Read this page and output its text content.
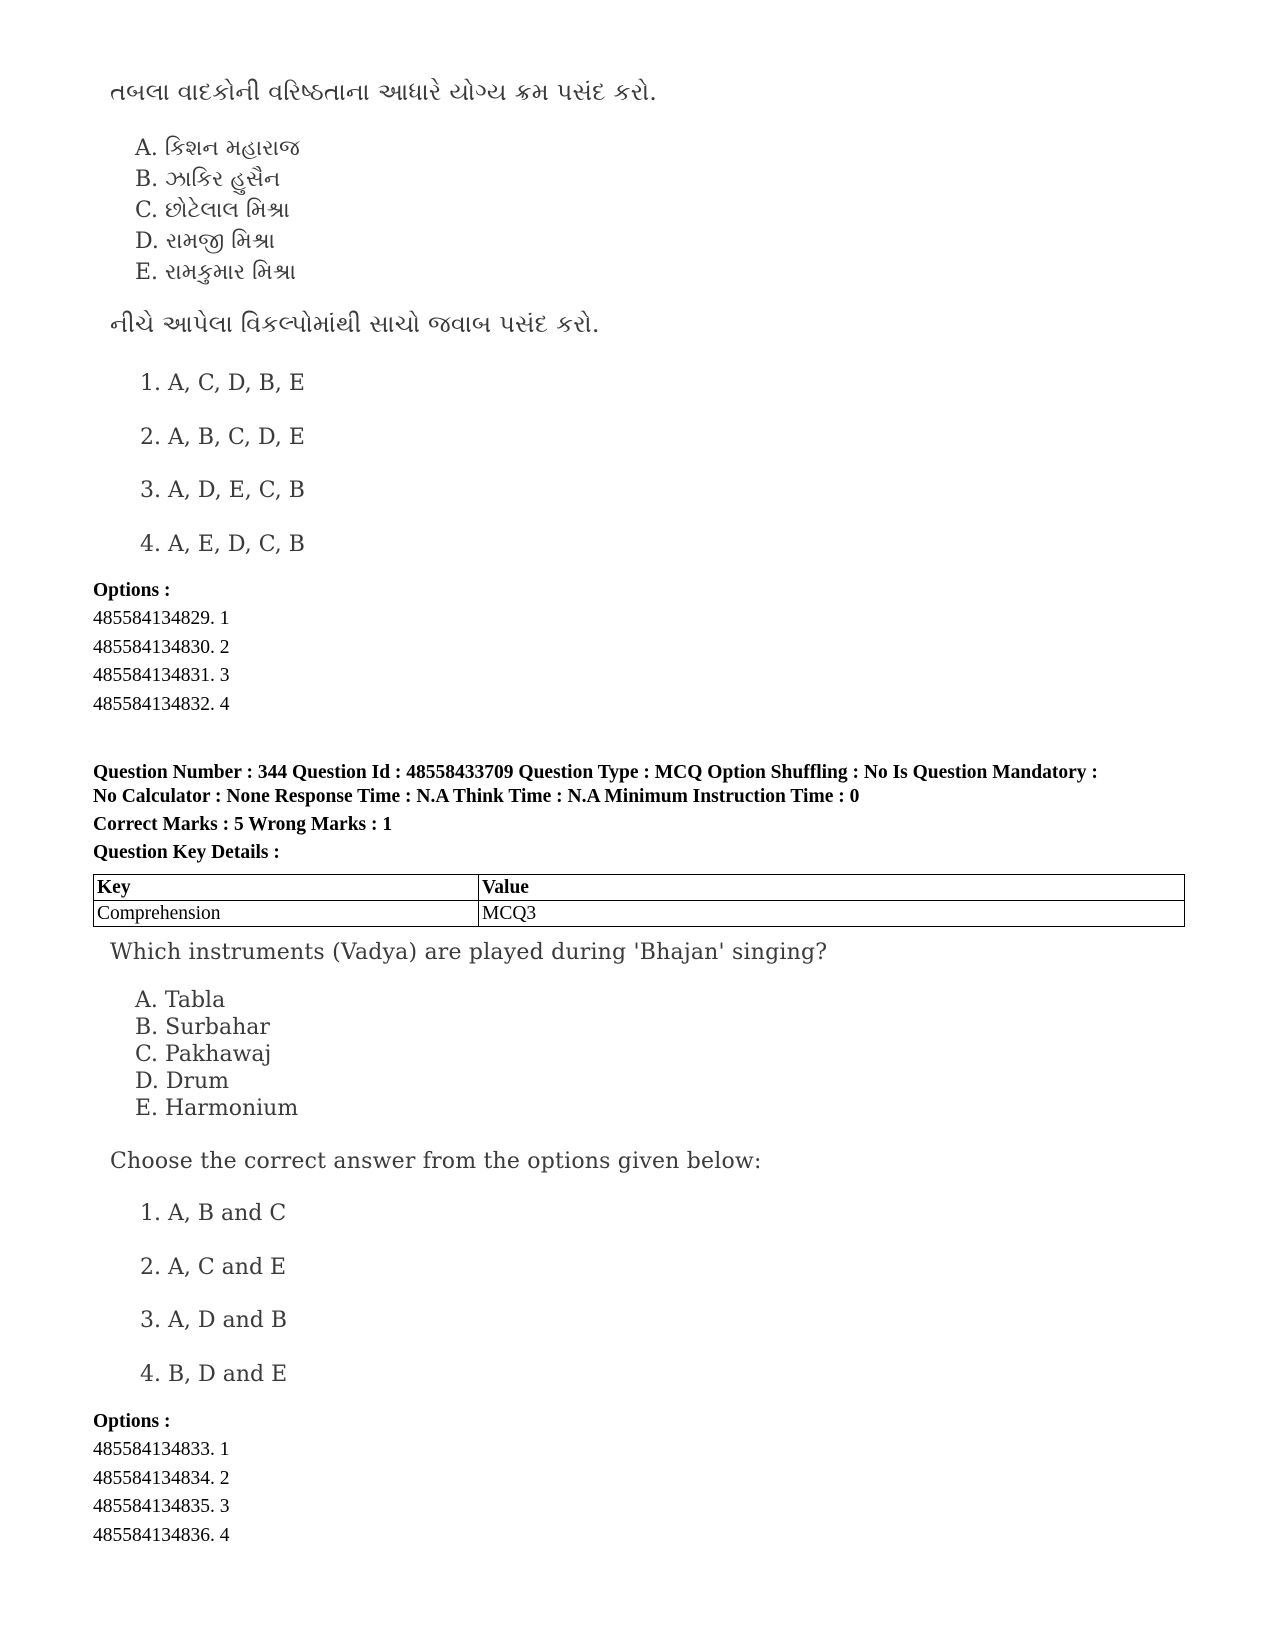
તબલા વાદકોની વરિષ્ઠતાના આધારે યોગ્ય ક્રમ પસંદ કરો.
A. કિશન મહારાજ
B. ઝાકિર હુસૈન
C. છોટેલાલ મિશ્રા
D. રામજી મિશ્રા
E. રામકુમાર મિશ્રા
નીચે આપેલા વિકલ્પોમાંથી સાચો જવાબ પસંદ કરો.
1. A, C, D, B, E
2. A, B, C, D, E
3. A, D, E, C, B
4. A, E, D, C, B
Options :
485584134829. 1
485584134830. 2
485584134831. 3
485584134832. 4
Question Number : 344 Question Id : 48558433709 Question Type : MCQ Option Shuffling : No Is Question Mandatory :
No Calculator : None Response Time : N.A Think Time : N.A Minimum Instruction Time : 0
Correct Marks : 5 Wrong Marks : 1
Question Key Details :
Key	Value
Comprehension	MCQ3
Which instruments (Vadya) are played during 'Bhajan' singing?
A. Tabla
B. Surbahar
C. Pakhawaj
D. Drum
E. Harmonium
Choose the correct answer from the options given below:
1. A, B and C
2. A, C and E
3. A, D and B
4. B, D and E
Options :
485584134833. 1
485584134834. 2
485584134835. 3
485584134836. 4
